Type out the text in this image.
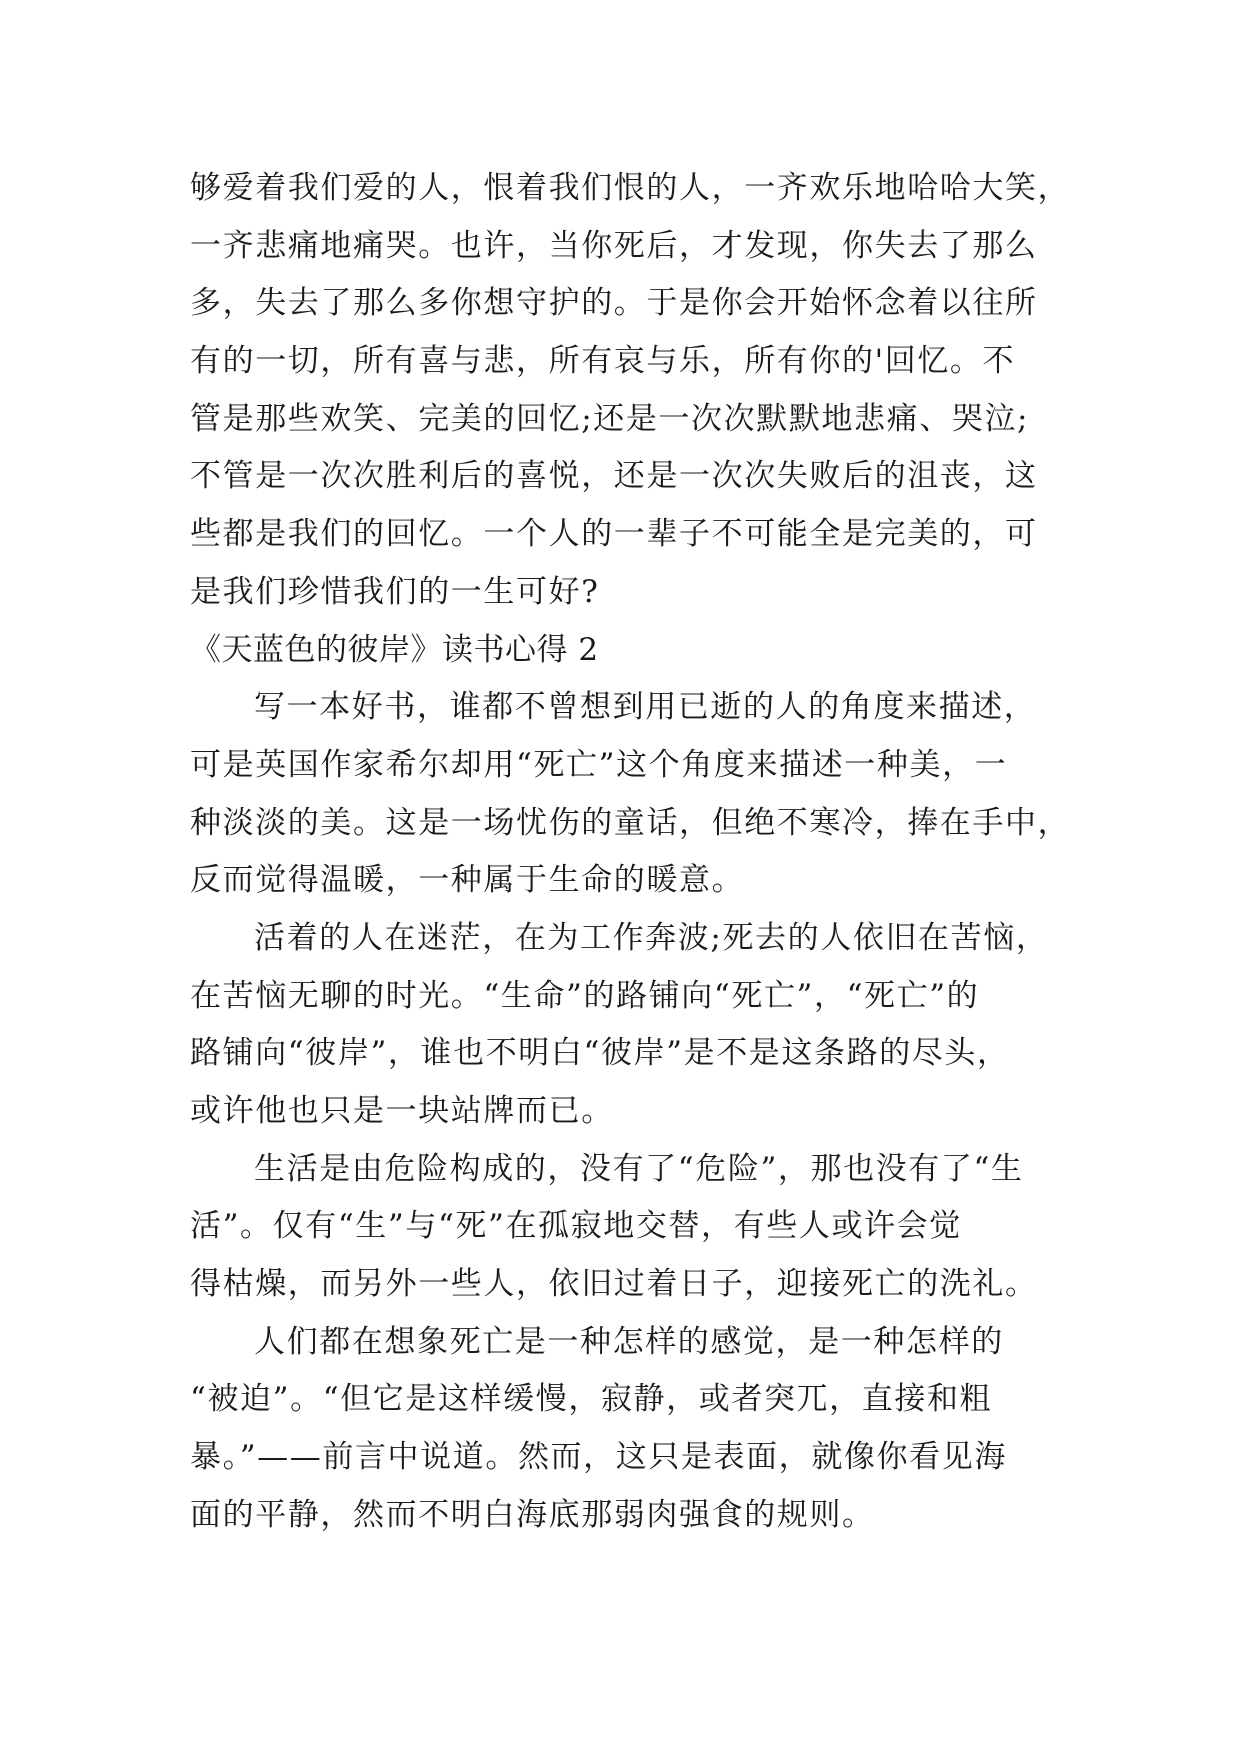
够爱着我们爱的人，恨着我们恨的人，一齐欢乐地哈哈大笑，
一齐悲痛地痛哭。也许，当你死后，才发现，你失去了那么
多，失去了那么多你想守护的。于是你会开始怀念着以往所
有的一切，所有喜与悲，所有哀与乐，所有你的'回忆。不
管是那些欢笑、完美的回忆;还是一次次默默地悲痛、哭泣;
不管是一次次胜利后的喜悦，还是一次次失败后的沮丧，这
些都是我们的回忆。一个人的一辈子不可能全是完美的，可
是我们珍惜我们的一生可好?
《天蓝色的彼岸》读书心得 2
写一本好书，谁都不曾想到用已逝的人的角度来描述，
可是英国作家希尔却用“死亡”这个角度来描述一种美，一
种淡淡的美。这是一场忧伤的童话，但绝不寒冷，捧在手中，
反而觉得温暖，一种属于生命的暖意。
活着的人在迷茫，在为工作奔波;死去的人依旧在苦恼，
在苦恼无聊的时光。“生命”的路铺向“死亡”，“死亡”的
路铺向“彼岸”，谁也不明白“彼岸”是不是这条路的尽头，
或许他也只是一块站牌而已。
生活是由危险构成的，没有了“危险”，那也没有了“生
活”。仅有“生”与“死”在孤寂地交替，有些人或许会觉
得枯燥，而另外一些人，依旧过着日子，迎接死亡的洗礼。
人们都在想象死亡是一种怎样的感觉，是一种怎样的
“被迫”。“但它是这样缓慢，寂静，或者突兀，直接和粗
暴。”——前言中说道。然而，这只是表面，就像你看见海
面的平静，然而不明白海底那弱肉强食的规则。
